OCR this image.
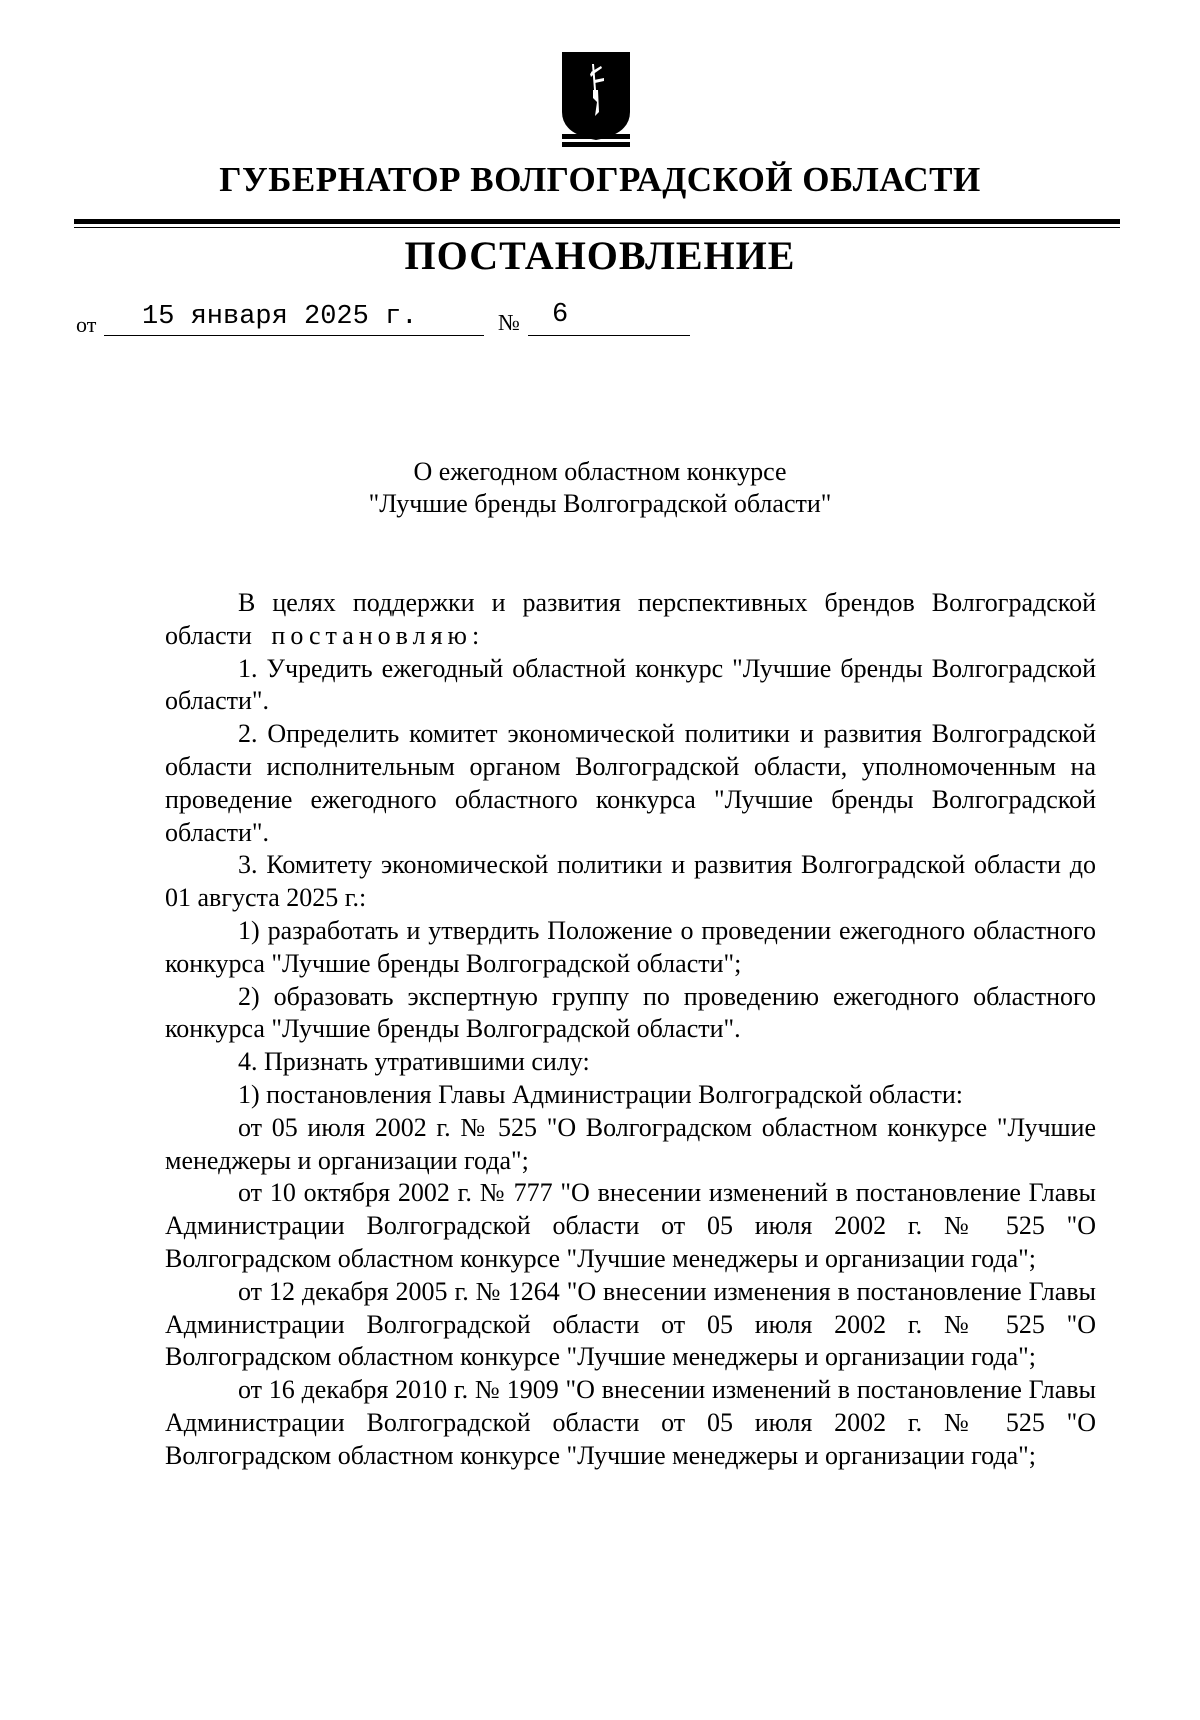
ГУБЕРНАТОР ВОЛГОГРАДСКОЙ ОБЛАСТИ
ПОСТАНОВЛЕНИЕ
от 15 января 2025 г.	№ 6
О ежегодном областном конкурсе
"Лучшие бренды Волгоградской области"

В целях поддержки и развития перспективных брендов Волгоградской области постановляю:

1. Учредить ежегодный областной конкурс "Лучшие бренды Волгоградской области".

2. Определить комитет экономической политики и развития Волгоградской области исполнительным органом Волгоградской области, уполномоченным на проведение ежегодного областного конкурса "Лучшие бренды Волгоградской области".

3. Комитету экономической политики и развития Волгоградской области до 01 августа 2025 г.:

1) разработать и утвердить Положение о проведении ежегодного областного конкурса "Лучшие бренды Волгоградской области";

2) образовать экспертную группу по проведению ежегодного областного конкурса "Лучшие бренды Волгоградской области".

4. Признать утратившими силу:

1) постановления Главы Администрации Волгоградской области:

от 05 июля 2002 г. № 525 "О Волгоградском областном конкурсе "Лучшие менеджеры и организации года";

от 10 октября 2002 г. № 777 "О внесении изменений в постановление Главы Администрации Волгоградской области от 05 июля 2002 г. № 525 "О Волгоградском областном конкурсе "Лучшие менеджеры и организации года";

от 12 декабря 2005 г. № 1264 "О внесении изменения в постановление Главы Администрации Волгоградской области от 05 июля 2002 г. № 525 "О Волгоградском областном конкурсе "Лучшие менеджеры и организации года";

от 16 декабря 2010 г. № 1909 "О внесении изменений в постановление Главы Администрации Волгоградской области от 05 июля 2002 г. № 525 "О Волгоградском областном конкурсе "Лучшие менеджеры и организации года";
